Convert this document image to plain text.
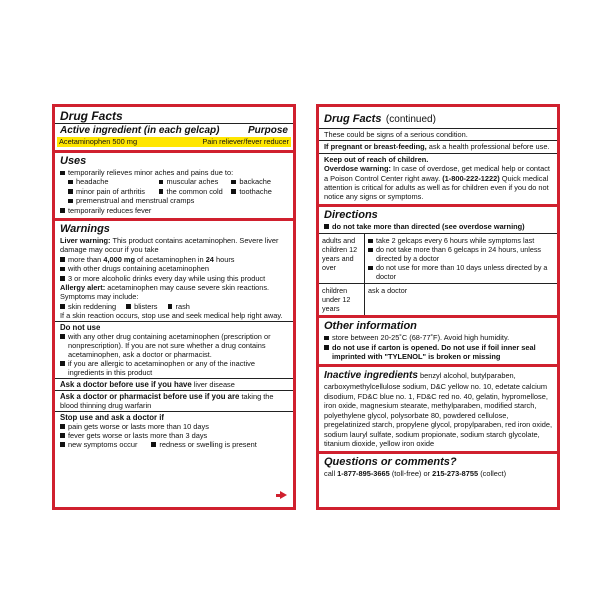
Drug Facts
Active ingredient (in each gelcap)	Purpose
Acetaminophen 500 mg	Pain reliever/fever reducer
Uses
temporarily relieves minor aches and pains due to:
headache	muscular aches	backache
minor pain of arthritis	the common cold	toothache
premenstrual and menstrual cramps
temporarily reduces fever
Warnings
Liver warning: This product contains acetaminophen. Severe liver damage may occur if you take
more than 4,000 mg of acetaminophen in 24 hours
with other drugs containing acetaminophen
3 or more alcoholic drinks every day while using this product
Allergy alert: acetaminophen may cause severe skin reactions. Symptoms may include:
skin reddening	blisters	rash
If a skin reaction occurs, stop use and seek medical help right away.
Do not use
with any other drug containing acetaminophen (prescription or nonprescription). If you are not sure whether a drug contains acetaminophen, ask a doctor or pharmacist.
if you are allergic to acetaminophen or any of the inactive ingredients in this product
Ask a doctor before use if you have liver disease
Ask a doctor or pharmacist before use if you are taking the blood thinning drug warfarin
Stop use and ask a doctor if
pain gets worse or lasts more than 10 days
fever gets worse or lasts more than 3 days
new symptoms occur	redness or swelling is present
Drug Facts (continued)
These could be signs of a serious condition.
If pregnant or breast-feeding, ask a health professional before use.
Keep out of reach of children.
Overdose warning: In case of overdose, get medical help or contact a Poison Control Center right away. (1-800-222-1222) Quick medical attention is critical for adults as well as for children even if you do not notice any signs or symptoms.
Directions
do not take more than directed (see overdose warning)
adults and children 12 years and over
take 2 gelcaps every 6 hours while symptoms last
do not take more than 6 gelcaps in 24 hours, unless directed by a doctor
do not use for more than 10 days unless directed by a doctor
children under 12 years
ask a doctor
Other information
store between 20-25˚C (68-77˚F). Avoid high humidity.
do not use if carton is opened. Do not use if foil inner seal imprinted with "TYLENOL" is broken or missing
Inactive ingredients benzyl alcohol, butylparaben, carboxymethylcellulose sodium, D&C yellow no. 10, edetate calcium disodium, FD&C blue no. 1, FD&C red no. 40, gelatin, hypromellose, iron oxide, magnesium stearate, methylparaben, modified starch, polyethylene glycol, polysorbate 80, powdered cellulose, pregelatinized starch, propylene glycol, propylparaben, red iron oxide, sodium lauryl sulfate, sodium propionate, sodium starch glycolate, titanium dioxide, yellow iron oxide
Questions or comments?
call 1-877-895-3665 (toll-free) or 215-273-8755 (collect)
